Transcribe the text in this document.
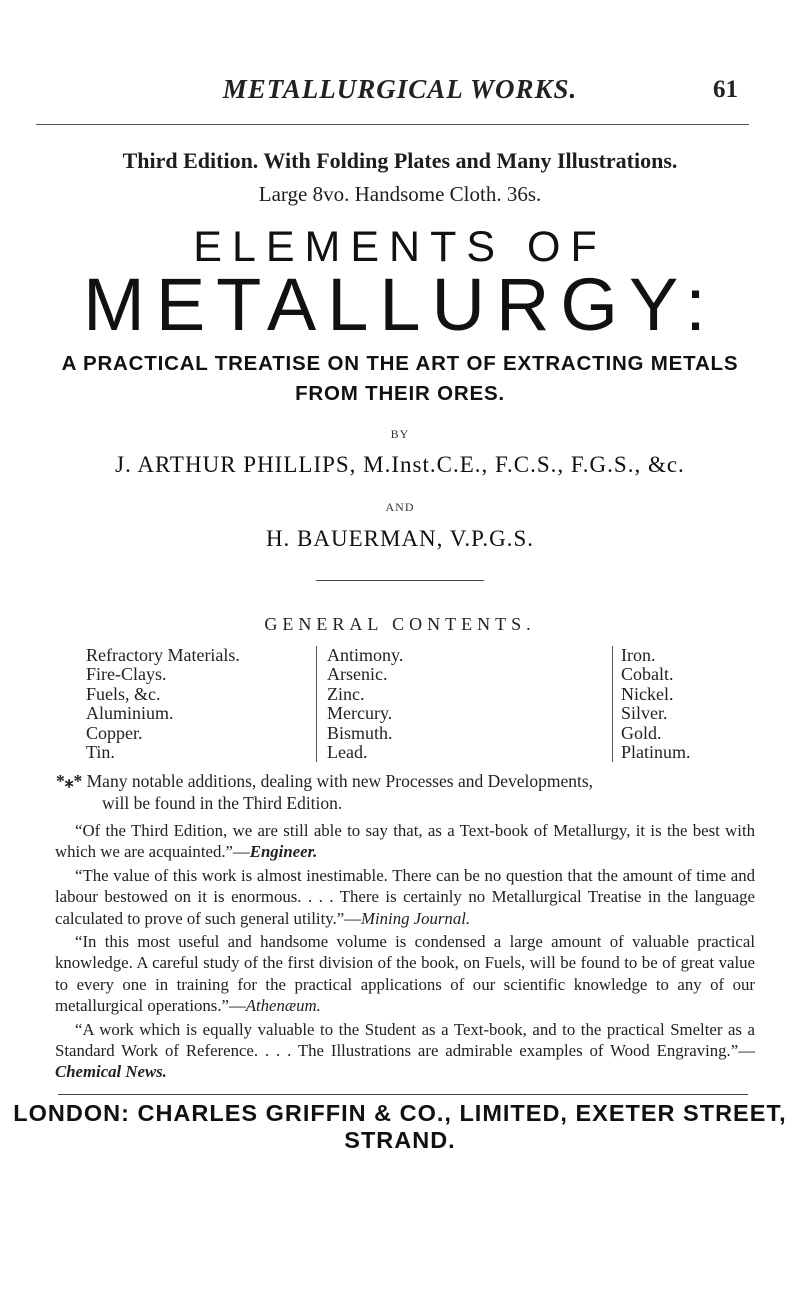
METALLURGICAL WORKS.	61
Third Edition. With Folding Plates and Many Illustrations.
Large 8vo. Handsome Cloth. 36s.
ELEMENTS OF
METALLURGY:
A PRACTICAL TREATISE ON THE ART OF EXTRACTING METALS
FROM THEIR ORES.
BY
J. ARTHUR PHILLIPS, M.Inst.C.E., F.C.S., F.G.S., &c.
AND
H. BAUERMAN, V.P.G.S.
GENERAL CONTENTS.
Refractory Materials.
Fire-Clays.
Fuels, &c.
Aluminium.
Copper.
Tin.
Antimony.
Arsenic.
Zinc.
Mercury.
Bismuth.
Lead.
Iron.
Cobalt.
Nickel.
Silver.
Gold.
Platinum.
*⁎* Many notable additions, dealing with new Processes and Developments,
will be found in the Third Edition.

“Of the Third Edition, we are still able to say that, as a Text-book of Metallurgy, it is the best with which we are acquainted.”—Engineer.

“The value of this work is almost inestimable. There can be no question that the amount of time and labour bestowed on it is enormous. . . . There is certainly no Metallurgical Treatise in the language calculated to prove of such general utility.”—Mining Journal.

“In this most useful and handsome volume is condensed a large amount of valuable practical knowledge. A careful study of the first division of the book, on Fuels, will be found to be of great value to every one in training for the practical applications of our scientific knowledge to any of our metallurgical operations.”—Athenæum.

“A work which is equally valuable to the Student as a Text-book, and to the practical Smelter as a Standard Work of Reference. . . . The Illustrations are admirable examples of Wood Engraving.”—Chemical News.

LONDON: CHARLES GRIFFIN & CO., LIMITED, EXETER STREET, STRAND.
